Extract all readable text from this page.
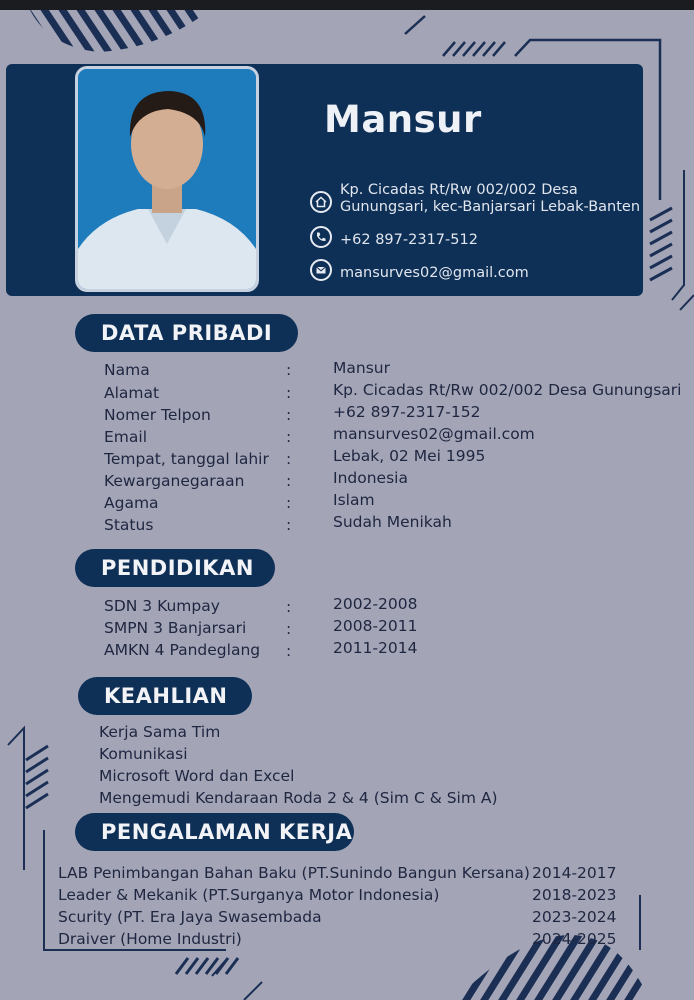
Mansur
Kp. Cicadas Rt/Rw 002/002 Desa
Gunungsari, kec-Banjarsari Lebak-Banten
+62 897-2317-512
mansurves02@gmail.com
DATA PRIBADI
Nama	:	Mansur
Alamat	:	Kp. Cicadas Rt/Rw 002/002 Desa Gunungsari
Nomer Telpon	:	+62 897-2317-152
Email	:	mansurves02@gmail.com
Tempat, tanggal lahir :	Lebak, 02 Mei 1995
Kewarganegaraan	:	Indonesia
Agama	:	Islam
Status	:	Sudah Menikah
PENDIDIKAN
SDN 3 Kumpay	:	2002-2008
SMPN 3 Banjarsari	:	2008-2011
AMKN 4 Pandeglang :	2011-2014
KEAHLIAN
Kerja Sama Tim
Komunikasi
Microsoft Word dan Excel
Mengemudi Kendaraan Roda 2 & 4 (Sim C & Sim A)
PENGALAMAN KERJA
LAB Penimbangan Bahan Baku (PT.Sunindo Bangun Kersana) 2014-2017
Leader & Mekanik (PT.Surganya Motor Indonesia)	2018-2023
Scurity (PT. Era Jaya Swasembada	2023-2024
Draiver (Home Industri)	2024-2025
